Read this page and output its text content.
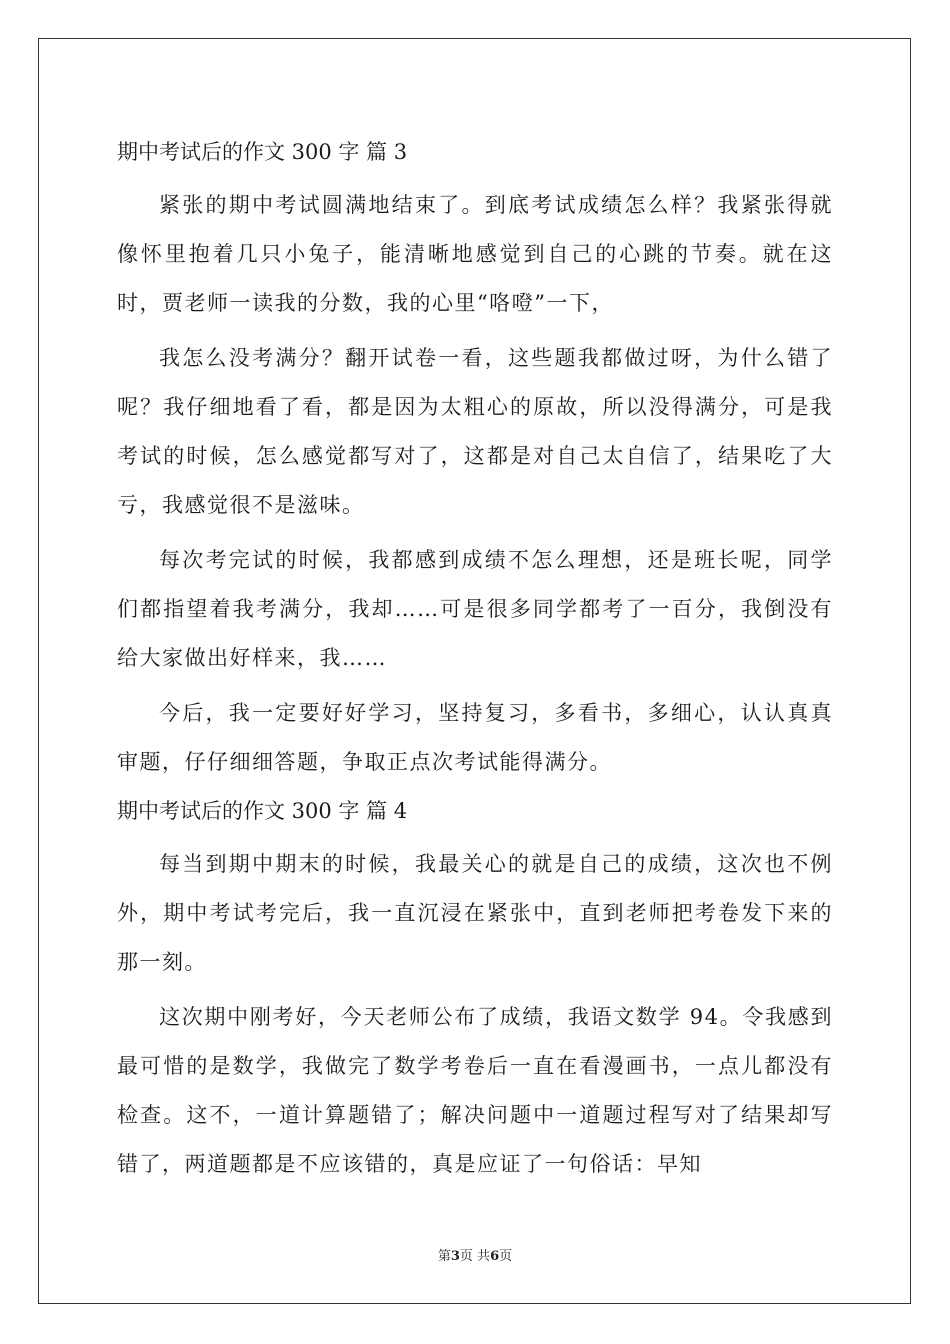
期中考试后的作文 300 字 篇 3

紧张的期中考试圆满地结束了。到底考试成绩怎么样？我紧张得就像怀里抱着几只小兔子，能清晰地感觉到自己的心跳的节奏。就在这时，贾老师一读我的分数，我的心里“咯噔”一下，

我怎么没考满分？翻开试卷一看，这些题我都做过呀，为什么错了呢？我仔细地看了看，都是因为太粗心的原故，所以没得满分，可是我考试的时候，怎么感觉都写对了，这都是对自己太自信了，结果吃了大亏，我感觉很不是滋味。

每次考完试的时候，我都感到成绩不怎么理想，还是班长呢，同学们都指望着我考满分，我却……可是很多同学都考了一百分，我倒没有给大家做出好样来，我……

今后，我一定要好好学习，坚持复习，多看书，多细心，认认真真审题，仔仔细细答题，争取正点次考试能得满分。

期中考试后的作文 300 字 篇 4

每当到期中期末的时候，我最关心的就是自己的成绩，这次也不例外，期中考试考完后，我一直沉浸在紧张中，直到老师把考卷发下来的那一刻。

这次期中刚考好，今天老师公布了成绩，我语文数学 94。令我感到最可惜的是数学，我做完了数学考卷后一直在看漫画书，一点儿都没有检查。这不，一道计算题错了；解决问题中一道题过程写对了结果却写错了，两道题都是不应该错的，真是应证了一句俗话：早知

第3页 共6页
